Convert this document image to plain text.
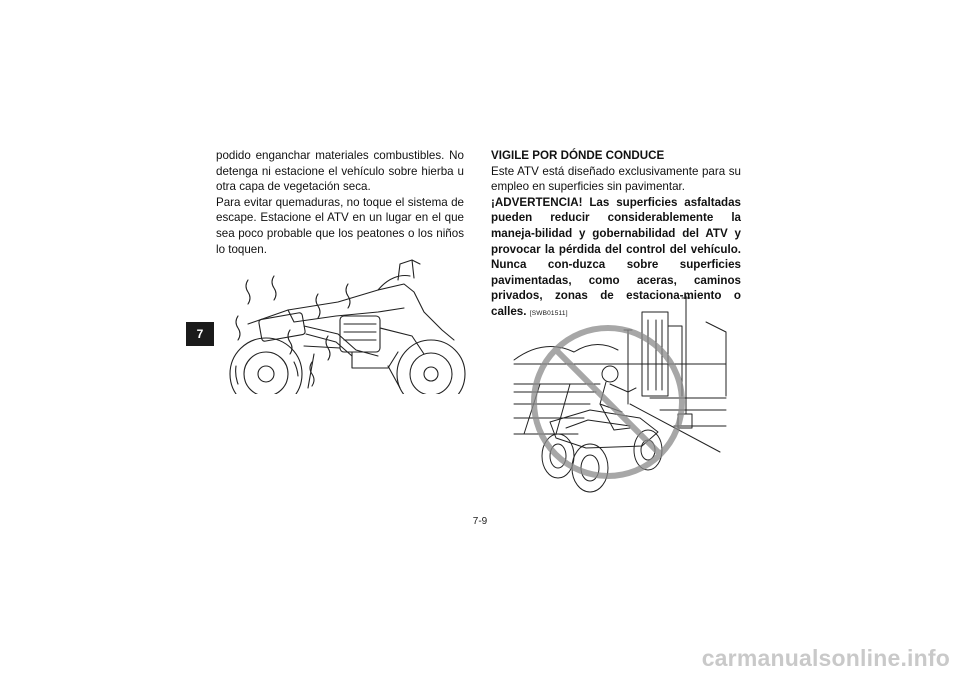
7

podido enganchar materiales combustibles. No detenga ni estacione el vehículo sobre hierba u otra capa de vegetación seca.

Para evitar quemaduras, no toque el sistema de escape. Estacione el ATV en un lugar en el que sea poco probable que los peatones o los niños lo toquen.

VIGILE POR DÓNDE CONDUCE

Este ATV está diseñado exclusivamente para su empleo en superficies sin pavimentar.

¡ADVERTENCIA! Las superficies asfaltadas pueden reducir considerablemente la maneja-bilidad y gobernabilidad del ATV y provocar la pérdida del control del vehículo. Nunca con-duzca sobre superficies pavimentadas, como aceras, caminos privados, zonas de estaciona-miento o calles. [SWB01511]

7-9
carmanualsonline.info
